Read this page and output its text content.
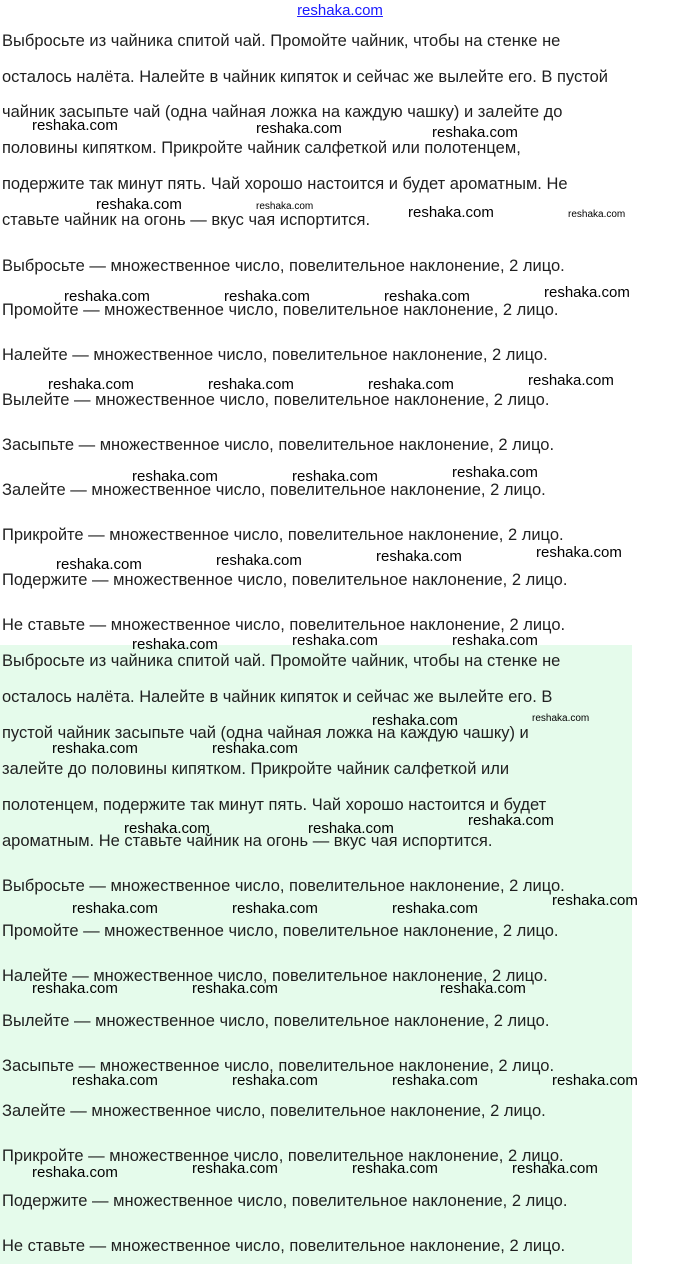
reshaka.com
Выбросьте из чайника спитой чай. Промойте чайник, чтобы на стенке не
осталось налёта. Налейте в чайник кипяток и сейчас же вылейте его. В пустой
чайник засыпьте чай (одна чайная ложка на каждую чашку) и залейте до
половины кипятком. Прикройте чайник салфеткой или полотенцем,
подержите так минут пять. Чай хорошо настоится и будет ароматным. Не
ставьте чайник на огонь — вкус чая испортится.
Выбросьте — множественное число, повелительное наклонение, 2 лицо.
Промойте — множественное число, повелительное наклонение, 2 лицо.
Налейте — множественное число, повелительное наклонение, 2 лицо.
Вылейте — множественное число, повелительное наклонение, 2 лицо.
Засыпьте — множественное число, повелительное наклонение, 2 лицо.
Залейте — множественное число, повелительное наклонение, 2 лицо.
Прикройте — множественное число, повелительное наклонение, 2 лицо.
Подержите — множественное число, повелительное наклонение, 2 лицо.
Не ставьте — множественное число, повелительное наклонение, 2 лицо.
Выбросьте из чайника спитой чай. Промойте чайник, чтобы на стенке не
осталось налёта. Налейте в чайник кипяток и сейчас же вылейте его. В
пустой чайник засыпьте чай (одна чайная ложка на каждую чашку) и
залейте до половины кипятком. Прикройте чайник салфеткой или
полотенцем, подержите так минут пять. Чай хорошо настоится и будет
ароматным. Не ставьте чайник на огонь — вкус чая испортится.
Выбросьте — множественное число, повелительное наклонение, 2 лицо.
Промойте — множественное число, повелительное наклонение, 2 лицо.
Налейте — множественное число, повелительное наклонение, 2 лицо.
Вылейте — множественное число, повелительное наклонение, 2 лицо.
Засыпьте — множественное число, повелительное наклонение, 2 лицо.
Залейте — множественное число, повелительное наклонение, 2 лицо.
Прикройте — множественное число, повелительное наклонение, 2 лицо.
Подержите — множественное число, повелительное наклонение, 2 лицо.
Не ставьте — множественное число, повелительное наклонение, 2 лицо.
reshaka.com	reshaka.com	reshaka.com
reshaka.com	reshaka.com	reshaka.com	reshaka.com
reshaka.com	reshaka.com	reshaka.com	reshaka.com
reshaka.com	reshaka.com	reshaka.com	reshaka.com
reshaka.com	reshaka.com	reshaka.com
reshaka.com	reshaka.com	reshaka.com	reshaka.com
reshaka.com	reshaka.com	reshaka.com
reshaka.com	reshaka.com
reshaka.com	reshaka.com
reshaka.com	reshaka.com	reshaka.com
reshaka.com	reshaka.com	reshaka.com	reshaka.com
reshaka.com	reshaka.com	reshaka.com
reshaka.com	reshaka.com	reshaka.com	reshaka.com
reshaka.com	reshaka.com	reshaka.com	reshaka.com
